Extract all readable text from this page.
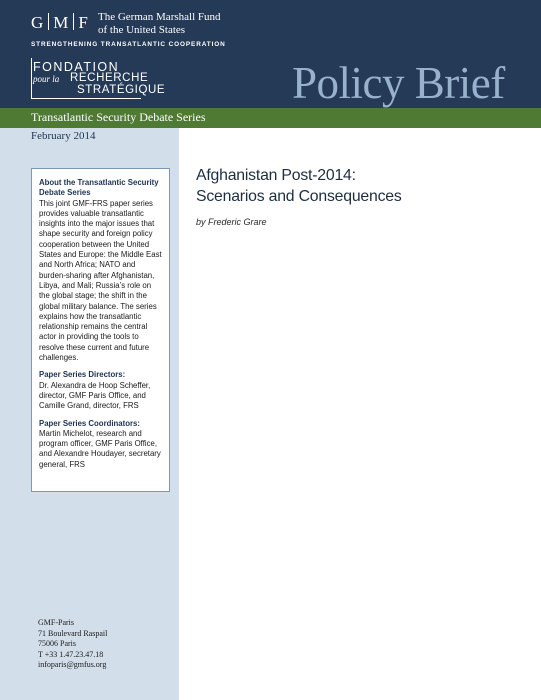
G M F The German Marshall Fund
of the United States
STRENGTHENING TRANSATLANTIC COOPERATION
FONDATION
pour la RECHERCHE
STRATÉGIQUE	Policy Brief
Transatlantic Security Debate Series
February 2014

About the Transatlantic Security Debate Series

This joint GMF-FRS paper series provides valuable transatlantic insights into the major issues that shape security and foreign policy cooperation between the United States and Europe: the Middle East and North Africa; NATO and burden-sharing after Afghanistan, Libya, and Mali; Russia’s role on the global stage; the shift in the global military balance. The series explains how the transatlantic relationship remains the central actor in providing the tools to resolve these current and future challenges.

Paper Series Directors:

Dr. Alexandra de Hoop Scheffer, director, GMF Paris Office, and Camille Grand, director, FRS

Paper Series Coordinators:

Martin Michelot, research and program officer, GMF Paris Office, and Alexandre Houdayer, secretary general, FRS

GMF-Paris
71 Boulevard Raspail
75006 Paris
T +33 1.47.23.47.18
infoparis@gmfus.org
Afghanistan Post-2014:
Scenarios and Consequences
by Frederic Grare
